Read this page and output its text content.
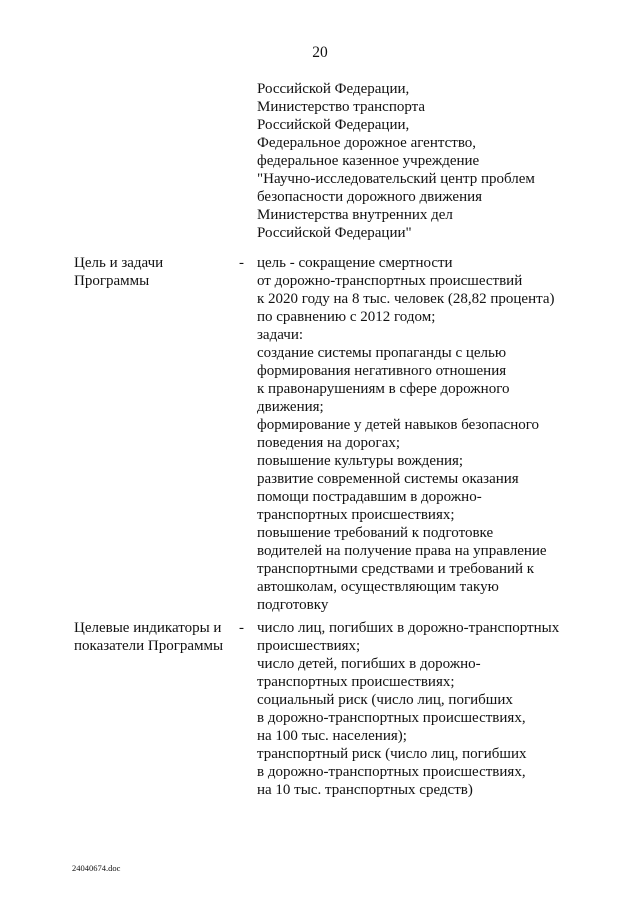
20
Российской Федерации,
Министерство транспорта
Российской Федерации,
Федеральное дорожное агентство,
федеральное казенное учреждение
"Научно-исследовательский центр проблем
безопасности дорожного движения
Министерства внутренних дел
Российской Федерации"
Цель и задачи
Программы
- цель - сокращение смертности
от дорожно-транспортных происшествий
к 2020 году на 8 тыс. человек (28,82 процента)
по сравнению с 2012 годом;
задачи:
создание системы пропаганды с целью
формирования негативного отношения
к правонарушениям в сфере дорожного
движения;
формирование у детей навыков безопасного
поведения на дорогах;
повышение культуры вождения;
развитие современной системы оказания
помощи пострадавшим в дорожно-
транспортных происшествиях;
повышение требований к подготовке
водителей на получение права на управление
транспортными средствами и требований к
автошколам, осуществляющим такую
подготовку
Целевые индикаторы и
показатели Программы
- число лиц, погибших в дорожно-транспортных
происшествиях;
число детей, погибших в дорожно-
транспортных происшествиях;
социальный риск (число лиц, погибших
в дорожно-транспортных происшествиях,
на 100 тыс. населения);
транспортный риск (число лиц, погибших
в дорожно-транспортных происшествиях,
на 10 тыс. транспортных средств)
24040674.doc
